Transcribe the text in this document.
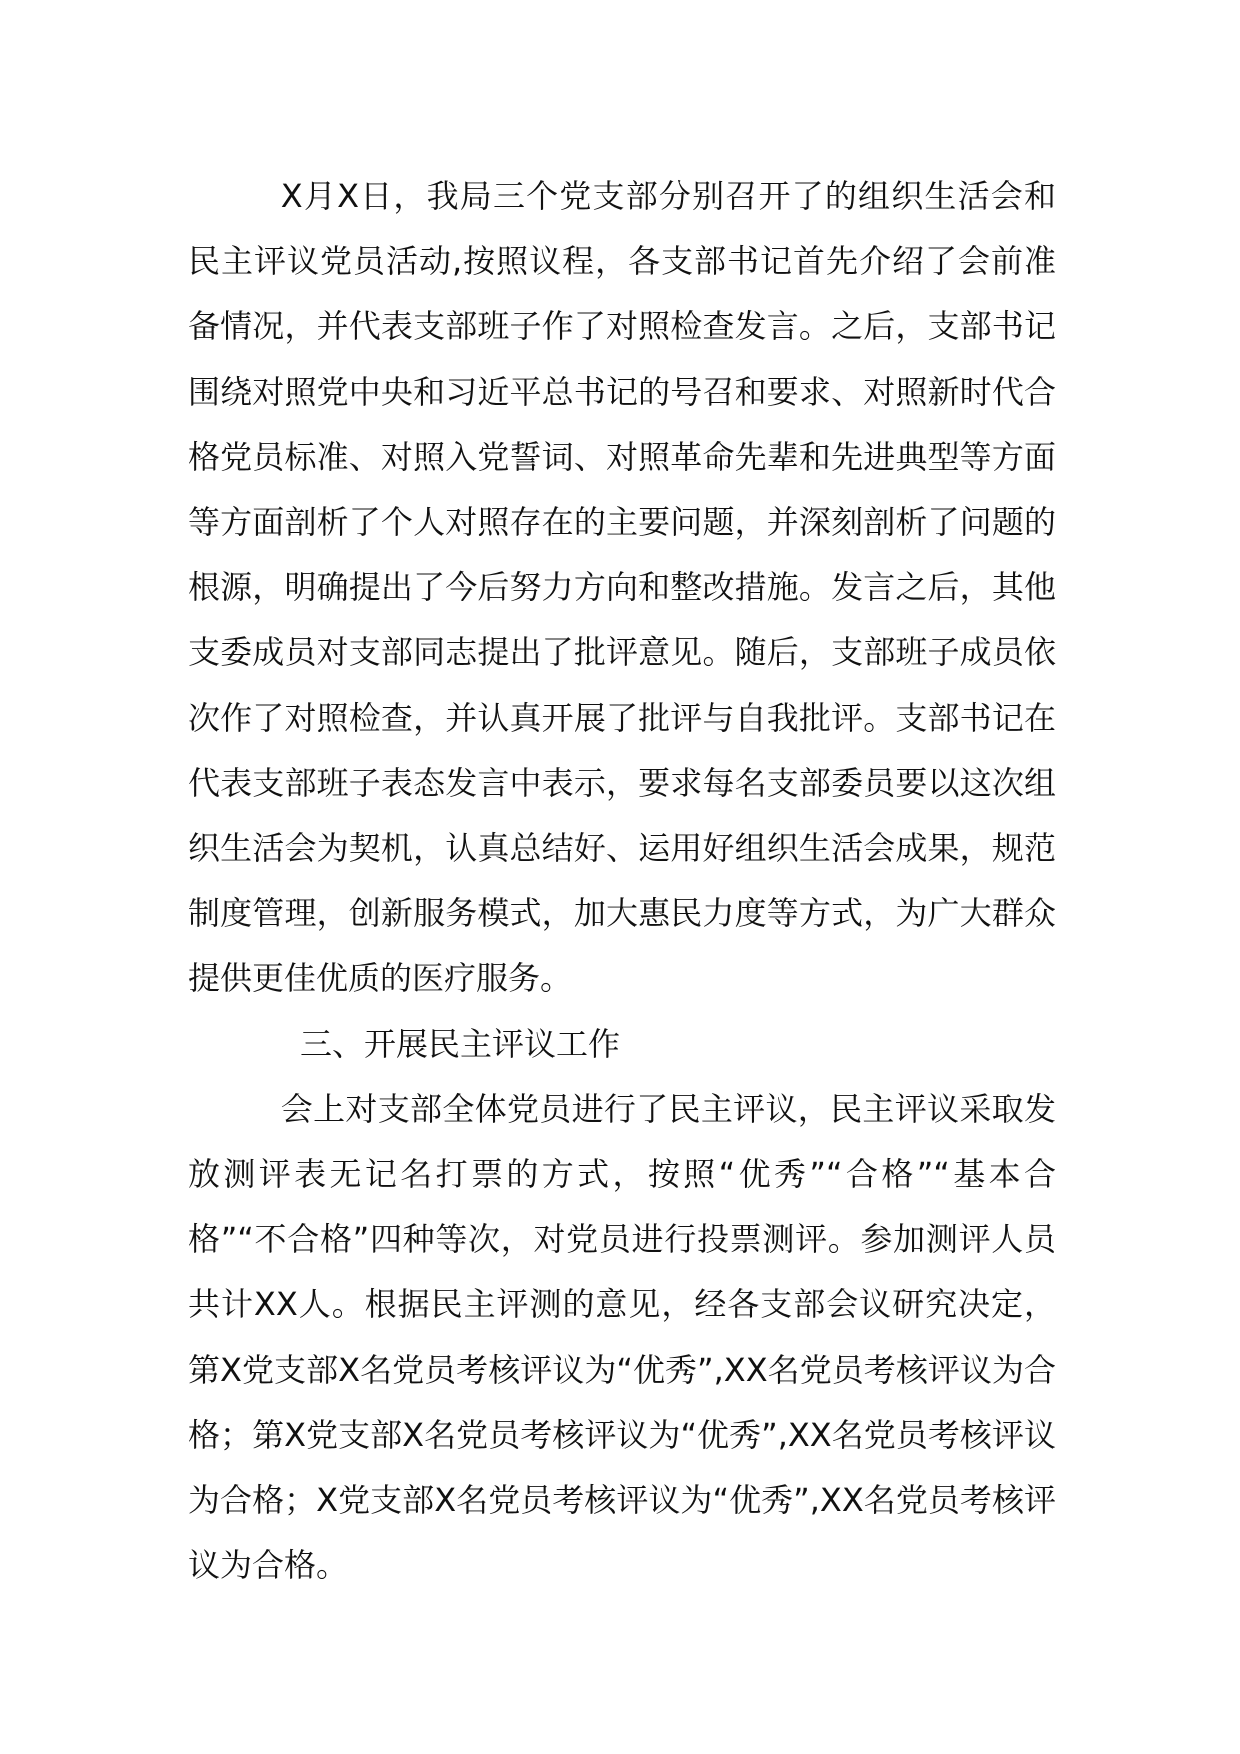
X月X日，我局三个党支部分别召开了的组织生活会和民主评议党员活动,按照议程，各支部书记首先介绍了会前准备情况，并代表支部班子作了对照检查发言。之后，支部书记围绕对照党中央和习近平总书记的号召和要求、对照新时代合格党员标准、对照入党誓词、对照革命先辈和先进典型等方面等方面剖析了个人对照存在的主要问题，并深刻剖析了问题的根源，明确提出了今后努力方向和整改措施。发言之后，其他支委成员对支部同志提出了批评意见。随后，支部班子成员依次作了对照检查，并认真开展了批评与自我批评。支部书记在代表支部班子表态发言中表示，要求每名支部委员要以这次组织生活会为契机，认真总结好、运用好组织生活会成果，规范制度管理，创新服务模式，加大惠民力度等方式，为广大群众提供更佳优质的医疗服务。

三、开展民主评议工作

会上对支部全体党员进行了民主评议，民主评议采取发放测评表无记名打票的方式，按照“优秀”“合格”“基本合格”“不合格”四种等次，对党员进行投票测评。参加测评人员共计XX人。根据民主评测的意见，经各支部会议研究决定，第X党支部X名党员考核评议为“优秀”,XX名党员考核评议为合格；第X党支部X名党员考核评议为“优秀”,XX名党员考核评议为合格；X党支部X名党员考核评议为“优秀”,XX名党员考核评议为合格。
